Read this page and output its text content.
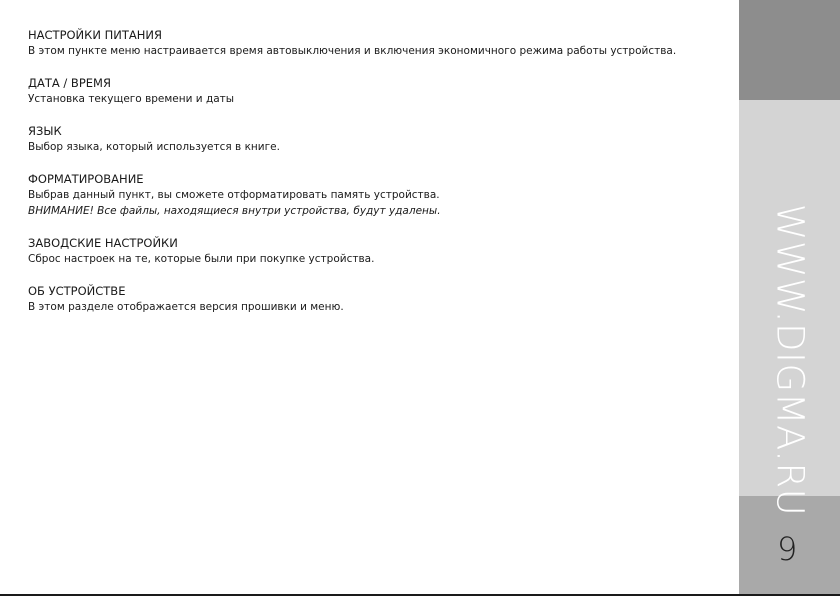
НАСТРОЙКИ ПИТАНИЯ
В этом пункте меню настраивается время автовыключения и включения экономичного режима работы устройства.
ДАТА / ВРЕМЯ
Установка текущего времени и даты
ЯЗЫК
Выбор языка, который используется в книге.
ФОРМАТИРОВАНИЕ
Выбрав данный пункт, вы сможете отформатировать память устройства.
ВНИМАНИЕ! Все файлы, находящиеся внутри устройства, будут удалены.
ЗАВОДСКИЕ НАСТРОЙКИ
Сброс настроек на те, которые были при покупке устройства.
ОБ УСТРОЙСТВЕ
В этом разделе отображается версия прошивки и меню.	WWW.DIGMA.RU
9
